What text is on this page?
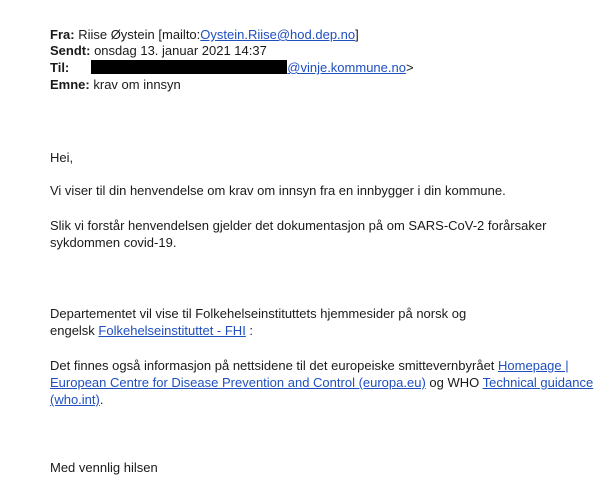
Fra: Riise Øystein [mailto:Oystein.Riise@hod.dep.no]
Sendt: onsdag 13. januar 2021 14:37
Til:	@vinje.kommune.no>
Emne: krav om innsyn
Hei,
Vi viser til din henvendelse om krav om innsyn fra en innbygger i din kommune.
Slik vi forstår henvendelsen gjelder det dokumentasjon på om SARS-CoV-2 forårsaker
sykdommen covid-19.
Departementet vil vise til Folkehelseinstituttets hjemmesider på norsk og
engelsk Folkehelseinstituttet - FHI :
Det finnes også informasjon på nettsidene til det europeiske smittevernbyrået Homepage |
European Centre for Disease Prevention and Control (europa.eu) og WHO Technical guidance
(who.int).
Med vennlig hilsen
